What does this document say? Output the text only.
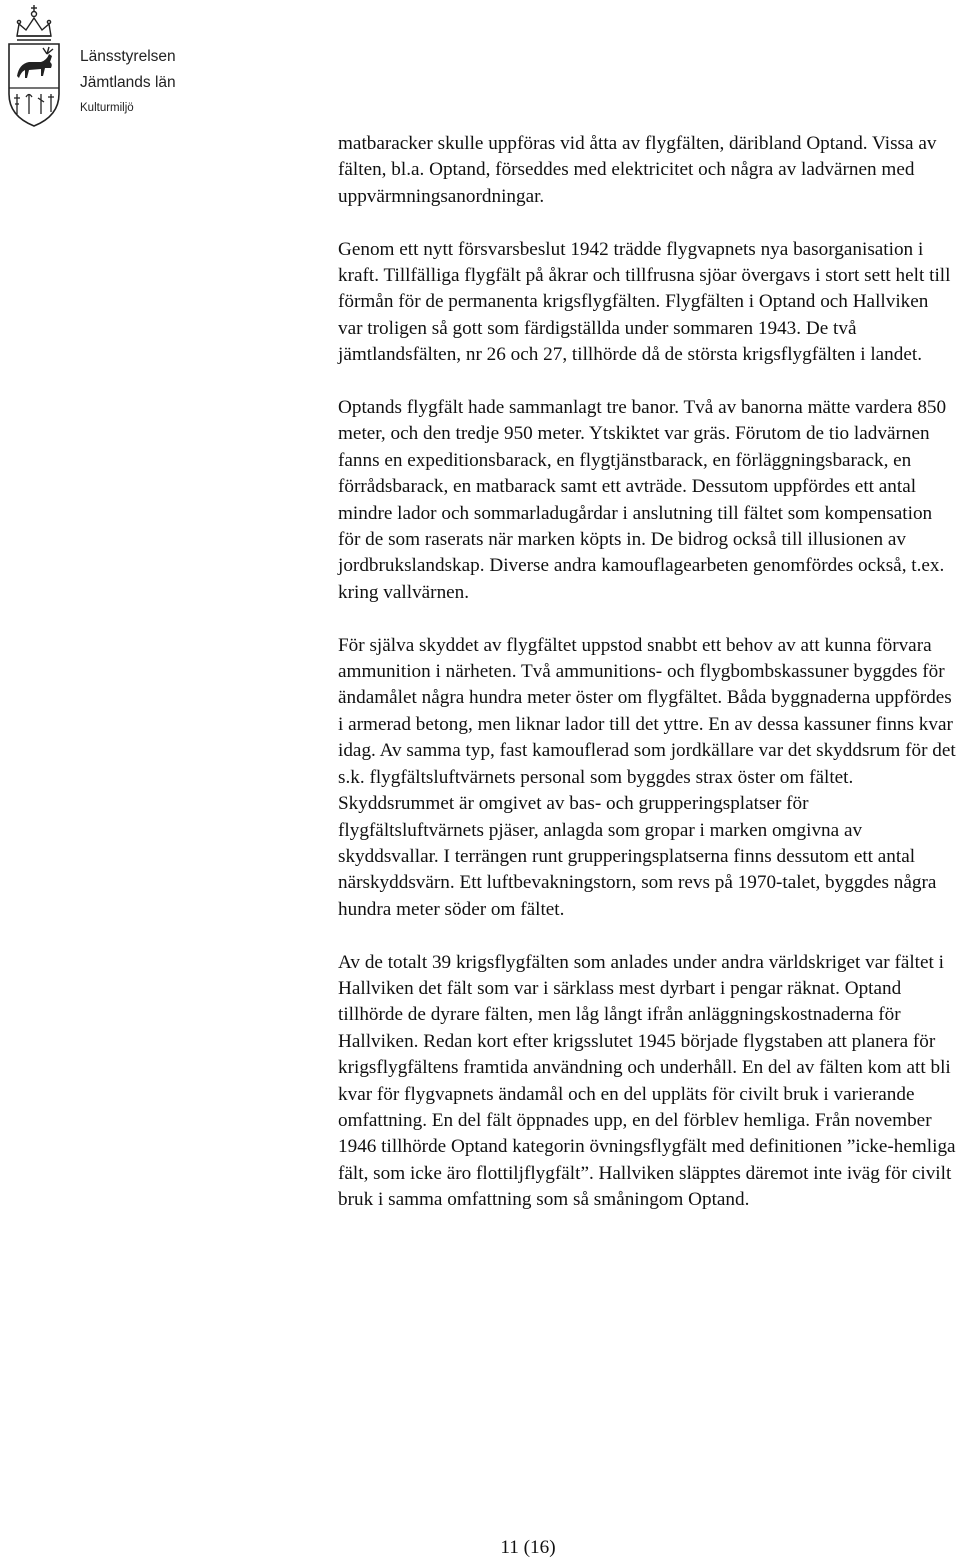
Länsstyrelsen
Jämtlands län
Kulturmiljö

matbaracker skulle uppföras vid åtta av flygfälten, däribland Optand. Vissa av fälten, bl.a. Optand, förseddes med elektricitet och några av ladvärnen med uppvärmningsanordningar.

Genom ett nytt försvarsbeslut 1942 trädde flygvapnets nya basorganisation i kraft. Tillfälliga flygfält på åkrar och tillfrusna sjöar övergavs i stort sett helt till förmån för de permanenta krigsflygfälten. Flygfälten i Optand och Hallviken var troligen så gott som färdigställda under sommaren 1943. De två jämtlandsfälten, nr 26 och 27, tillhörde då de största krigsflygfälten i landet.

Optands flygfält hade sammanlagt tre banor. Två av banorna mätte vardera 850 meter, och den tredje 950 meter. Ytskiktet var gräs. Förutom de tio ladvärnen fanns en expeditionsbarack, en flygtjänstbarack, en förläggningsbarack, en förrådsbarack, en matbarack samt ett avträde. Dessutom uppfördes ett antal mindre lador och sommarladugårdar i anslutning till fältet som kompensation för de som raserats när marken köpts in. De bidrog också till illusionen av jordbrukslandskap. Diverse andra kamouflagearbeten genomfördes också, t.ex. kring vallvärnen.

För själva skyddet av flygfältet uppstod snabbt ett behov av att kunna förvara ammunition i närheten. Två ammunitions- och flygbombskassuner byggdes för ändamålet några hundra meter öster om flygfältet. Båda byggnaderna uppfördes i armerad betong, men liknar lador till det yttre. En av dessa kassuner finns kvar idag. Av samma typ, fast kamouflerad som jordkällare var det skyddsrum för det s.k. flygfältsluftvärnets personal som byggdes strax öster om fältet. Skyddsrummet är omgivet av bas- och grupperingsplatser för flygfältsluftvärnets pjäser, anlagda som gropar i marken omgivna av skyddsvallar. I terrängen runt grupperingsplatserna finns dessutom ett antal närskyddsvärn. Ett luftbevakningstorn, som revs på 1970-talet, byggdes några hundra meter söder om fältet.

Av de totalt 39 krigsflygfälten som anlades under andra världskriget var fältet i Hallviken det fält som var i särklass mest dyrbart i pengar räknat. Optand tillhörde de dyrare fälten, men låg långt ifrån anläggningskostnaderna för Hallviken. Redan kort efter krigsslutet 1945 började flygstaben att planera för krigsflygfältens framtida användning och underhåll. En del av fälten kom att bli kvar för flygvapnets ändamål och en del uppläts för civilt bruk i varierande omfattning. En del fält öppnades upp, en del förblev hemliga. Från november 1946 tillhörde Optand kategorin övningsflygfält med definitionen ”icke-hemliga fält, som icke äro flottiljflygfält”. Hallviken släpptes däremot inte iväg för civilt bruk i samma omfattning som så småningom Optand.

11 (16)
